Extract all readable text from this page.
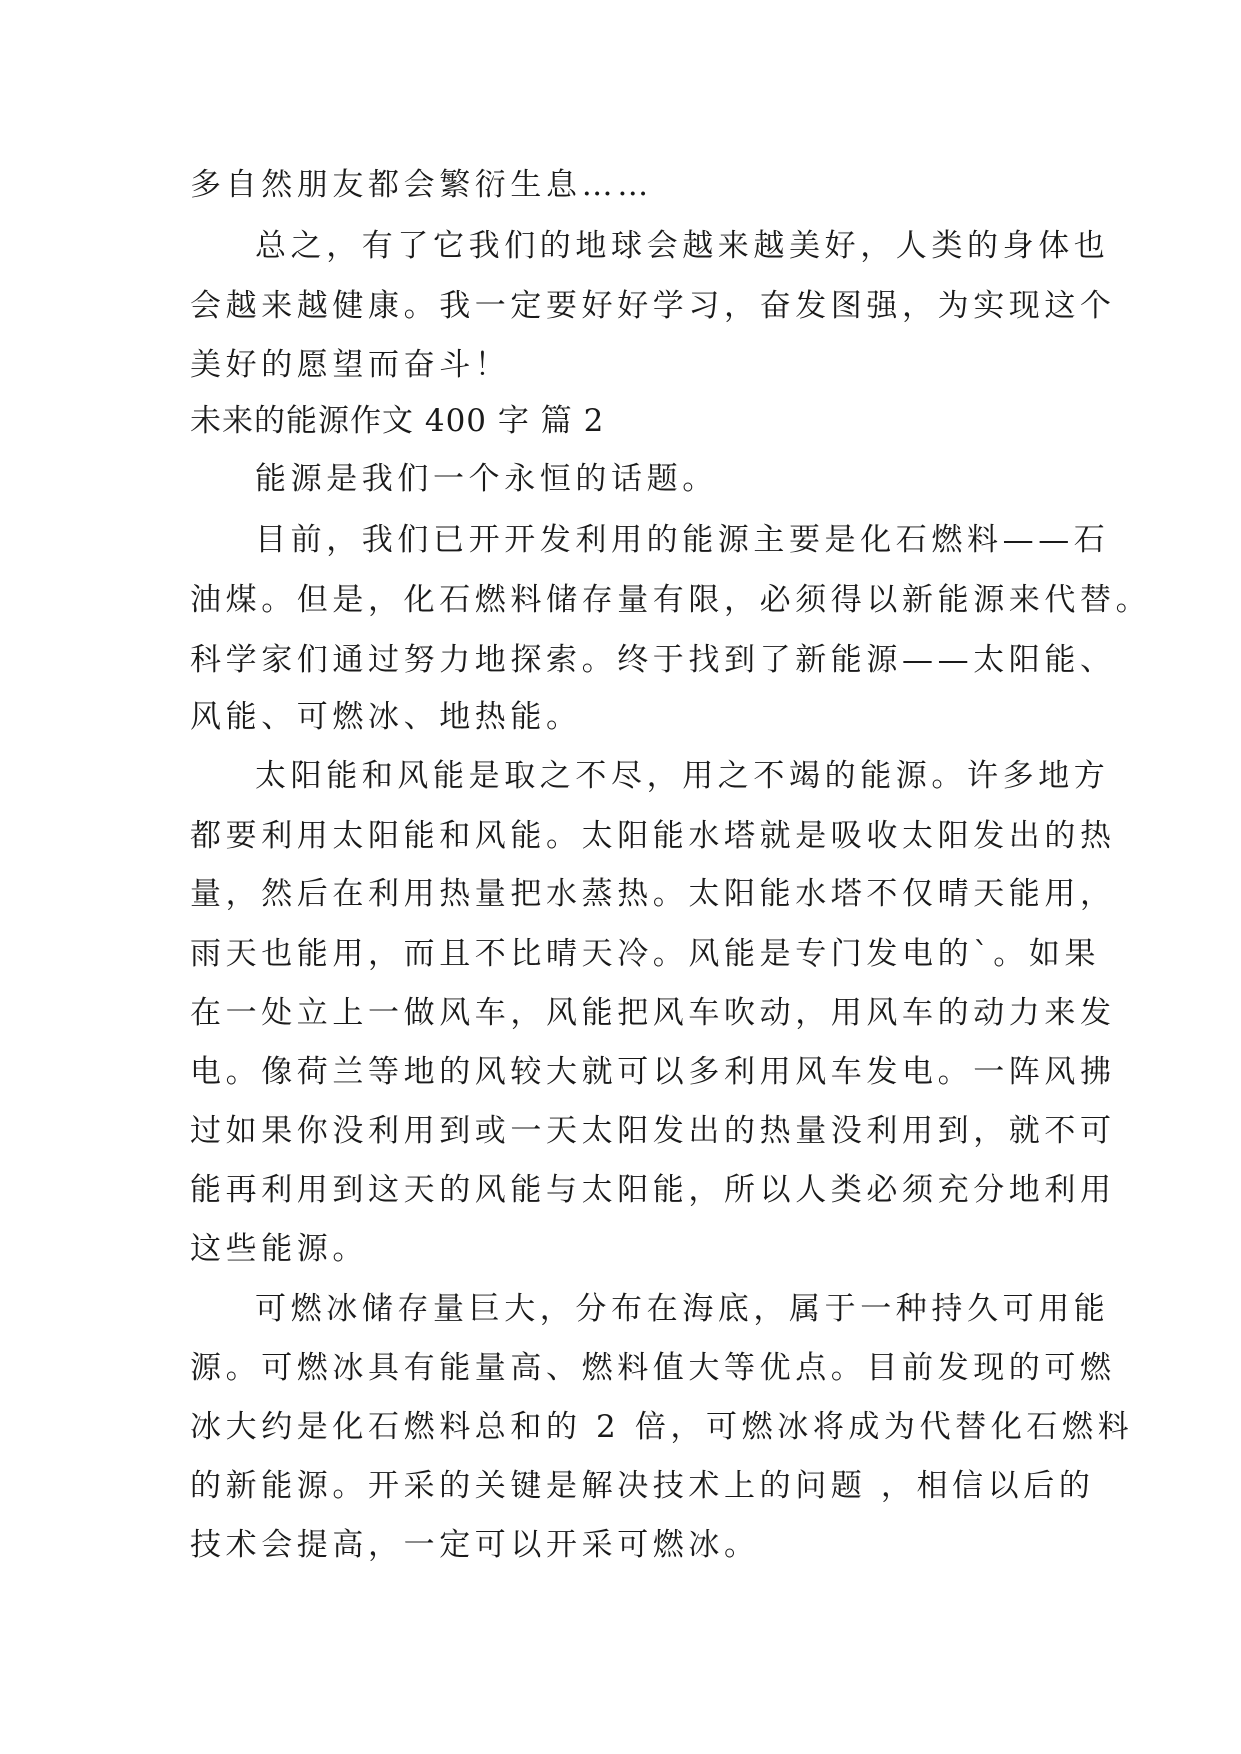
多自然朋友都会繁衍生息……
总之，有了它我们的地球会越来越美好，人类的身体也
会越来越健康。我一定要好好学习，奋发图强，为实现这个
美好的愿望而奋斗！
未来的能源作文 400 字 篇 2
能源是我们一个永恒的话题。
目前，我们已开开发利用的能源主要是化石燃料——石
油煤。但是，化石燃料储存量有限，必须得以新能源来代替。
科学家们通过努力地探索。终于找到了新能源——太阳能、
风能、可燃冰、地热能。
太阳能和风能是取之不尽，用之不竭的能源。许多地方
都要利用太阳能和风能。太阳能水塔就是吸收太阳发出的热
量，然后在利用热量把水蒸热。太阳能水塔不仅晴天能用，
雨天也能用，而且不比晴天冷。风能是专门发电的`。如果
在一处立上一做风车，风能把风车吹动，用风车的动力来发
电。像荷兰等地的风较大就可以多利用风车发电。一阵风拂
过如果你没利用到或一天太阳发出的热量没利用到，就不可
能再利用到这天的风能与太阳能，所以人类必须充分地利用
这些能源。
可燃冰储存量巨大，分布在海底，属于一种持久可用能
源。可燃冰具有能量高、燃料值大等优点。目前发现的可燃
冰大约是化石燃料总和的 2 倍，可燃冰将成为代替化石燃料
的新能源。开采的关键是解决技术上的问题 ，相信以后的
技术会提高，一定可以开采可燃冰。
